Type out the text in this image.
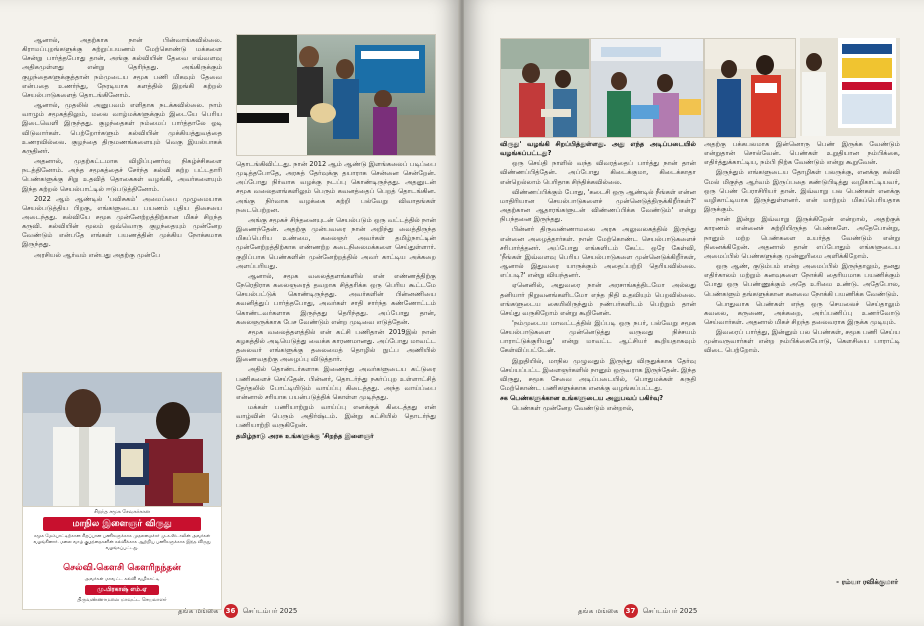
ஆனால், அதற்காக நான் பின்வாங்கவில்லை. கிராமப்புறங்களுக்கு சுற்றுப்பயணம் மேற்கொண்டு மக்களை சென்று பார்த்தபோது தான், அங்கு கல்வியின் தேவை எவ்வளவு அதிகமுள்ளது என்று தெரிந்தது. அங்கிருக்கும் குழந்தைகளுக்குத்தான் நம்முடைய சமூக பணி மிகவும் தேவை என்பதை உணர்ந்து, நேரடியாக களத்தில் இறங்கி கற்றல் செயல்பாடுகளைத் தொடங்கினோம்.

ஆனால், முதலில் அனுபவம் எளிதாக நடக்கவில்லை. நாம் வாழும் சமூகத்திலும், மலை வாழ்மக்களுக்கும் இடையே பெரிய இடைவெளி இருந்தது. குழந்தைகள் நம்மைப் பார்த்தாலே ஓடி விடுவார்கள். பெற்றோர்களும் கல்வியின் முக்கியத்துவத்தை உணரவில்லை. குழந்தை திருமணங்களையும் வெகு இயல்பாகக் கருதினர்.

அதனால், முதற்கட்டமாக விழிப்புணர்வு நிகழ்ச்சிகளை நடத்தினோம். அந்த சமூகத்தைச் சேர்ந்த கல்வி கற்ற பட்டதாரி பெண்களுக்கு சிறு உதவித் தொகைகள் வழங்கி, அவர்களையும் இந்த கற்றல் செயல்பாட்டில் ஈடுபடுத்தினோம்.

2022 ஆம் ஆண்டில் 'பவிசுகம்' அமைப்பை முழுமையாக செயல்படுத்திய பிறகு, எங்களுடைய பயணம் புதிய திசையை அடைந்தது. கல்வியே சமூக முன்னேற்றத்திற்கான மிகச் சிறந்த கருவி. கல்வியின் மூலம் ஒவ்வொரு குழந்தையும் முன்னேற வேண்டும் என்பதே எங்கள் பயணத்தின் முக்கிய நோக்கமாக இருந்தது.

அரசியல் ஆர்வம் என்பது அதற்கு முன்பே

தொடங்கிவிட்டது. நான் 2012 ஆம் ஆண்டு இளங்கலைப் படிப்பை முடித்தபோதே, அரசுத் தேர்வுக்கு தயாராக சென்னை சென்றேன். அப்போது நிர்வாக வழக்கு நடப்பு கொண்டிருந்தது. அதனுடன் சமூக வலைதளங்களிலும் பெரும் கவனத்தைப் பெறத் தொடங்கின. அங்கு நிர்வாக வழக்கை கற்றி பல்வேறு விவாதங்கள் நடைபெற்றன.

அங்கு சமூகச் சிந்தனையுடன் செயல்படும் ஒரு வட்டத்தில் நான் இணைந்தேன். அதற்கு முன்பவரை நான் அறிந்து வைத்திருந்த மிகப்பெரிய உண்மை, கலைஞர் அவர்கள் தமிழ்நாட்டின் முன்னேற்றத்திற்காக எண்ணற்ற கடைநிலைமக்களை செய்துள்ளார். குறிப்பாக பெண்களின் முன்னேற்றத்தில் அவர் காட்டிய அக்கறை அளப்பரியது.

ஆனால், சமூக வலைத்தளங்களில் என் எண்ணத்திற்கு நேரெதிராக கலைஞரைத் தவறாக சித்தரிக்க ஒரு பெரிய கூட்டமே செயல்பட்டுக் கொண்டிருந்தது. அவர்களின் பின்னணியை கவனித்துப் பார்த்தபோது, அவர்கள் சாதி சார்ந்த கண்ணோட்டம் கொண்டவர்களாக இருந்தது தெரிந்தது. அப்போது தான், கலைஞருக்காக பேச வேண்டும் என்ற முடிவை எடுத்தேன்.

சமூக வலைத்தளத்தில் என் கட்சி பணிதான் 2019இல் நான் கழகத்தில் அடியெடுத்து வைக்க காரணமானது. அப்போது மாவட்ட தலைவர் எங்களுக்கு தலைமைத் தொழில் நுட்ப அணியில் இணைவதற்கு அழைப்பு விடுத்தார்.

அதில் தொண்டர்களாக இணைந்து அவர்களுடைய கட்டுரை பணிகளைச் செய்தேன். பின்னர், தொடர்ந்து நகர்ப்புற உள்ளாட்சித் தேர்தலில் போட்டியிடும் வாய்ப்பு கிடைத்தது. அந்த வாய்ப்பை என்னால் சரியாக பயன்படுத்திக் கொள்ள முடிந்தது.

மக்கள் பணியாற்றும் வாய்ப்பு எனக்குக் கிடைத்தது என் வாழ்வின் பெரும் அதிர்ஷ்டம். இன்று கட்சியில் தொடர்ந்து பணியாற்றி வருகிறேன்.

தமிழ்நாடு அரசு உங்களுக்கு 'சிறந்த இளைஞர்

சிறந்த சமூக சேவகர்கான
மாநில இளைஞர் விருது
சமூக மேம்பாட்டிற்கான சிறப்பான பணிகளுக்காக முதலமைச்சர் மு.க.ஸ்டாலின் அவர்கள் வழங்கினார். மலை வாழ் குழந்தைகளின் கல்விக்காக ஆற்றிய பணிகளுக்காக இந்த விருது வழங்கப்பட்டது.
செல்வி.கௌசி கெளரிநந்தன்
அவர்கள் மாவட்ட கல்வி வழிகாட்டி
மு.பிரகாஷ் எம்.ஏ
திருவண்ணாமலை மாவட்ட செயலாளர்
தங்க மங்கை 36 செப்டம்பர் 2025

விருது' வழங்கி சிறப்பித்துள்ளது. அது எந்த அடிப்படையில் வழங்கப்பட்டது?

ஒரு செய்தி நாளில் வந்த விவரத்தைப் பார்த்து நான் தான் விண்ணப்பித்தேன். அப்போது கிடைக்குமா, கிடைக்காதா என்றெல்லாம் பெரிதாக சிந்திக்கவில்லை.

விண்ணப்பிக்கும் போது, 'கடைசி ஒரு ஆண்டில் நீங்கள் என்ன மாதிரியான செயல்பாடுகளைச் முன்னெடுத்திருக்கிறீர்கள்?' அதற்கான ஆதாரங்களுடன் விண்ணப்பிக்க வேண்டும்' என்று நிபந்தனை இருந்தது.

பின்னர் திருவண்ணாமலை அரசு அலுவலகத்தில் இருந்து என்னை அழைத்தார்கள். நான் மேற்கொண்ட செயல்பாடுகளைச் சரிபார்த்தனர். அப்போது எங்களிடம் கேட்ட ஒரே கேள்வி, 'நீங்கள் இவ்வளவு பெரிய செயல்பாடுகளை முன்னெடுக்கிறீர்கள், ஆனால் இதுவரை யாருக்கும் அதைப்பற்றி தெரியவில்லை. எப்படி?' என்று வியந்தனர்.

ஏனெனில், அதுவரை நான் அரசாங்கத்திடமோ அல்லது தனியார் நிறுவனங்களிடமோ எந்த நிதி உதவியும் பெறவில்லை. எங்களுடைய கையிலிருந்தும் நண்பர்களிடம் பெற்றும் தான் செய்து வருகிறோம் என்று கூறினேன்.

'நம்முடைய மாவட்டத்தில் இப்படி ஒரு நபர், பல்வேறு சமூக செயல்பாடுகளை முன்னெடுத்து வருவது நிச்சயம் பாராட்டுக்குரியது' என்று மாவட்ட ஆட்சியர் கூறியதாகவும் கேள்விப்பட்டேன்.

இறுதியில், மாநில முழுவதும் இருந்து விருதுக்காக தேர்வு செய்யப்பட்ட இளைஞர்களில் நானும் ஒருவராக இருந்தேன். இந்த விருது, சமூக சேவை அடிப்படையில், பொதுமக்கள் கருதி மேற்கொண்ட பணிகளுக்காக எனக்கு வழங்கப்பட்டது.

சக பெண்களுக்கான உங்களுடைய அனுபவப் பகிர்வு?

பெண்கள் முன்னேற வேண்டும் என்றால்,

அதற்கு பக்கபலமாக இன்னொரு பெண் இருக்க வேண்டும் என்றுதான் சொல்வேன். பெண்கள் உறுதியான நம்பிக்கை, எதிர்த்துக்காட்டிய, நம்பி நிற்க வேண்டும் என்று கூறுவேன்.

இருந்தும் எங்களுடைய தோழிகள் பலருக்கு, எனக்கு கல்வி மேல் மிகுந்த ஆர்வம் இருப்பதை கண்டுபிடித்து வழிகாட்டியவர், ஒரு பெண் பேராசிரியர் தான். இவ்வாறு பல பெண்கள் எனக்கு வழிகாட்டியாக இருந்துள்ளனர். என் மாற்றம் மிகப்பெரியதாக இருக்கும்.

நான் இன்று இவ்வாறு இருக்கிறேன் என்றால், அதற்குக் காரணம் என்னைச் சுற்றியிருந்த பெண்களே. அதேபோன்று, நானும் மற்ற பெண்களை உயர்த்த வேண்டும் என்று நினைக்கிறேன். அதனால் தான் எப்போதும் எங்களுடைய அமைப்பில் பெண்களுக்கு முன்னுரிமை அளிக்கிறோம்.

ஒரு ஆண், குடும்பம் என்ற அமைப்பில் இருந்தாலும், தனது எதிர்காலம் மற்றும் கனவுகளை நோக்கி தைரியமாக பயணிக்கும் போது ஒரு பெண்ணுக்கும் அதே உரிமை உண்டு. அதேபோல, பெண்களும் தங்களுக்கான கனவை நோக்கி பயணிக்க வேண்டும்.

பொதுவாக பெண்கள் எந்த ஒரு செயலைச் செய்தாலும் கவலை, கருணை, அக்கறை, அர்ப்பணிப்பு உணர்வோடு செய்வார்கள். அதனால் மிகச் சிறந்த தலைவராக இருக்க முடியும்.

இவரைப் பார்த்து, இன்னும் பல பெண்கள், சமூக பணி செய்ய முன்வருவார்கள் என்ற நம்பிக்கையோடு, கௌசியை பாராட்டி விடை பெற்றோம்.

- ரம்யா ரவிக்குமார்
தங்க மங்கை 37 செப்டம்பர் 2025
